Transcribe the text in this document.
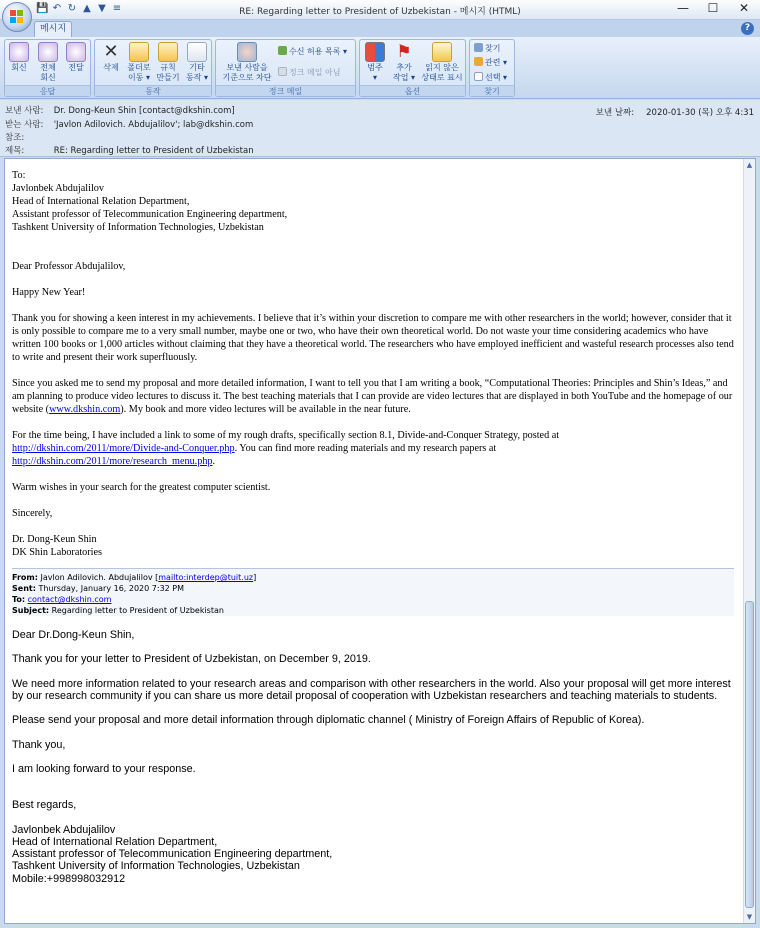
💾 ↶ ↻ ▲ ▼ ≡	RE: Regarding letter to President of Uzbekistan - 메시지 (HTML)	—	☐	✕
메시지	?
회신	전체
회신
전달
응답
✕
삭제	폴더로
이동 ▾
규칙
만들기
기타
동작 ▾
동작
보낸 사람을
기준으로 차단
수신 허용 목록 ▾
정크 메일 아님
정크 메일
범주
▾
⚑
추가
작업 ▾
읽지 않은
상태로 표시
옵션
찾기
관련 ▾
선택 ▾
찾기
보낸 사람: Dr. Dong-Keun Shin [contact@dkshin.com]
받는 사람: 'Javlon Adilovich. Abdujalilov'; lab@dkshin.com
참조:
제목:	RE: Regarding letter to President of Uzbekistan
보낸 날짜: 2020-01-30 (목) 오후 4:31

To:
Javlonbek Abdujalilov
Head of International Relation Department,
Assistant professor of Telecommunication Engineering department,
Tashkent University of Information Technologies, Uzbekistan

Dear Professor Abdujalilov,

Happy New Year!

Thank you for showing a keen interest in my achievements. I believe that it’s within your discretion to compare me with other researchers in the world; however, consider that it is only possible to compare me to a very small number, maybe one or two, who have their own theoretical world. Do not waste your time considering academics who have written 100 books or 1,000 articles without claiming that they have a theoretical world. The researchers who have employed inefficient and wasteful research processes also tend to write and present their work superfluously.

Since you asked me to send my proposal and more detailed information, I want to tell you that I am writing a book, “Computational Theories: Principles and Shin’s Ideas,” and am planning to produce video lectures to discuss it. The best teaching materials that I can provide are video lectures that are displayed in both YouTube and the homepage of our website (www.dkshin.com). My book and more video lectures will be available in the near future.

For the time being, I have included a link to some of my rough drafts, specifically section 8.1, Divide-and-Conquer Strategy, posted at
http://dkshin.com/2011/more/Divide-and-Conquer.php. You can find more reading materials and my research papers at
http://dkshin.com/2011/more/research_menu.php.

Warm wishes in your search for the greatest computer scientist.

Sincerely,

Dr. Dong-Keun Shin
DK Shin Laboratories

From: Javlon Adilovich. Abdujalilov [mailto:interdep@tuit.uz]
Sent: Thursday, January 16, 2020 7:32 PM
To: contact@dkshin.com
Subject: Regarding letter to President of Uzbekistan

Dear Dr.Dong-Keun Shin,

Thank you for your letter to President of Uzbekistan, on December 9, 2019.

We need more information related to your research areas and comparison with other researchers in the world. Also your proposal will get more interest by our research community if you can share us more detail proposal of cooperation with Uzbekistan researchers and teaching materials to students.

Please send your proposal and more detail information through diplomatic channel ( Ministry of Foreign Affairs of Republic of Korea).

Thank you,

I am looking forward to your response.

Best regards,

Javlonbek Abdujalilov
Head of International Relation Department,
Assistant professor of Telecommunication Engineering department,
Tashkent University of Information Technologies, Uzbekistan
Mobile:+998998032912

▲
▼
